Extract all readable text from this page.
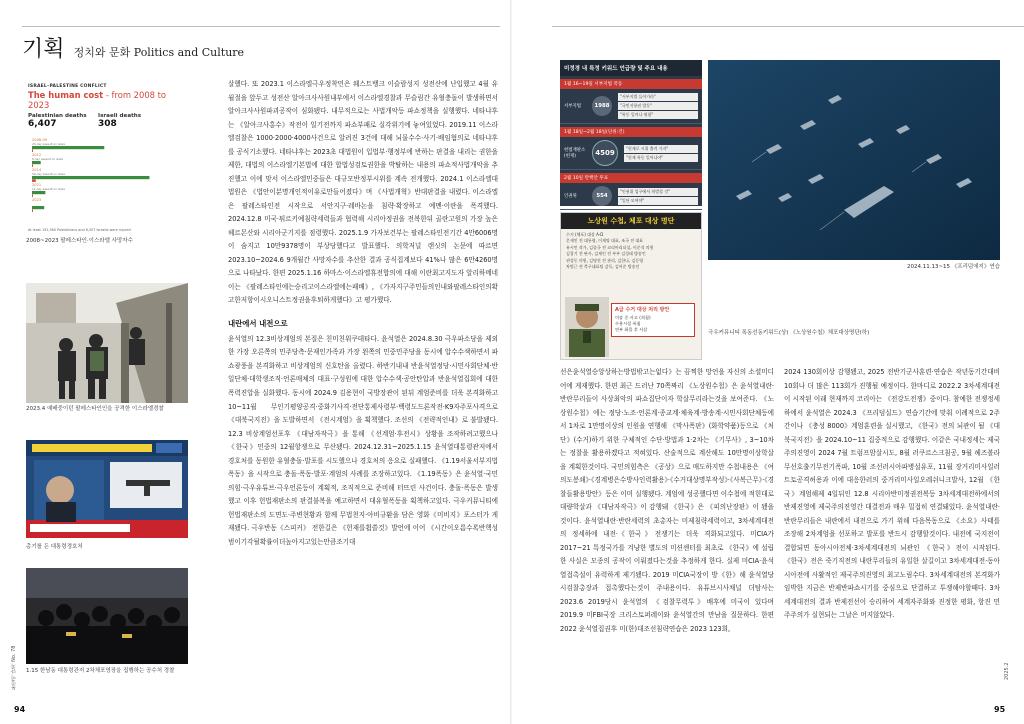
기획 정치와 문화 Politics and Culture
ISRAEL–PALESTINE CONFLICT
The human cost - from 2008 to 2023
Palestinian deaths
6,407
Israeli deaths
308
2008-09
23-day assault on Gaza
2012
8-day assault on Gaza
2014
50-day assault on Gaza
2021
11-day assault on Gaza
2023
At least 152,560 Palestinians and 6,307 Israelis were injured
2008~2023 팔레스타인·이스라엘 사망자수
2023.4 예배중이던 팔레스타인인을 공격한 이스라엘경찰
총기를 든 대통령경호처
1.15 한남동 대통령관저 2차체포영장을 집행하는 공수처 경찰

살했다. 또 2023.1 이스라엘극우정착민은 웨스트뱅크 이슬람성지 성전산에 난입했고 4월 유월절을 앞두고 성전산 알아크사사원내부에서 이스라엘경찰과 무슬림간 유혈충돌이 발생하면서 알아크사사원파괴공작이 심화됐다. 내무적으로는 사법개악등 파쇼정책을 실행했다. 네타냐후는 《알아크사홍수》작전이 일기전까지 파쇼부패로 실각위기에 놓여있었다. 2019.11 이스라엘검찰은 1000·2000·4000사건으로 알려진 3건에 대해 뇌물수수·사기·배임혐의로 네타냐후를 공식기소했다. 네타냐후는 2023초 대법원이 입법부·행정부에 반하는 판결을 내리는 권한을 제한, 대법의 이스라엘기본법에 대한 합법성검토권한을 박탈하는 내용의 파쇼적사법개악을 추진했고 이에 맞서 이스라엘민중들은 대규모반정부시위를 계속 전개했다. 2024.1 이스라엘대법원은 《법안이분명개인적이유로만들어졌다》며 《사법개혁》반대판결을 내렸다. 이스라엘은 팔레스타인전 시작으로 서안지구·레바논을 침략·확장하고 예멘·이란을 폭격했다. 2024.12.8 미국·튀르키예침략세력들과 협력해 시리아정권을 전복한뒤 골란고원의 가장 높은 헤르몬산와 시리아군기지를 점령했다. 2025.1.9 가자보건부는 팔레스타인전기간 4만6006명이 숨지고 10만9378명이 부상당했다고 발표했다. 의학저널 랜싯의 논문에 따르면 2023.10~2024.6 9개월간 사망자수를 추산한 결과 공식집계보다 41%나 많은 6만4260명으로 나타났다. 한편 2025.1.16 하마스·이스라엘휴전합의에 대해 이란최고지도자 알리하메네이는 《팔레스타인에는승리고이스라엘에는패배》, 《가자지구주민들의인내와팔레스타인의확고한저항이시오니스트정권을후퇴하게했다》고 평가했다.

내란에서 내전으로

윤석열의 12.3비상계엄의 본질은 친미친위쿠데타다. 윤석열은 2024.8.30 극우파소당을 제외한 가장 오른쪽의 민주당측·문재인가족과 가장 왼쪽의 민중민주당을 동시에 압수수색하면서 파쇼광풍을 본격화하고 비상계엄의 신호탄을 올렸다. 하반기내내 반윤석열정당·시민사회단체·반일단체·대학생조직·언론매체의 대표·구성원에 대한 압수수색·공안탄압과 반윤석열집회에 대한 폭력진압을 실화했다. 동시에 2024.9 김용현이 국방장관이 된뒤 계엄준비를 더욱 본격화하고 10~11월 무인기평양공격·중화기사격·전단통제사령부·백령도드론작전·K9자주포사격으로 《대북국지전》을 도발하면서 《전시계엄》을 획책했다. 조선의 《전략적인내》로 불발됐다. 12.3 비상계엄선포후 《대남자작극》을 통해 《선계엄·후전시》상황을 조작하려고했으나 《한국》민중의 12월항쟁으로 무산됐다. 2024.12.31~2025.1.15 윤석열대통령관저에서 경호처를 동원한 유혈충돌·발포를 시도했으나 경호처의 응요로 실패했다. 《1.19서울서부지법폭동》을 시작으로 충돌·폭동·발포·계엄의 사례를 조장하고있다. 《1.19폭동》은 윤석열·국민의힘·극우유튜브·극우언론등이 계획적, 조직적으로 준비해 터뜨린 사건이다. 충돌·폭동은 발생했고 이후 헌법재판소의 판결불복을 예고하면서 대유혈폭동을 획책하고있다. 극우커뮤니티에 헌법재판소의 도면도·주변현황과 함께 무법천지·아비규환을 담은 영화《미비지》포스터가 게재됐다. 극우반동《스피커》 전한길은 《헌재를휩쓸것》발언에 이어 《시간이오름수록반핵성범이기각될확률이더높아지고있는만큼조기대

통일이 단지 No. 78
94
미정경 내 특정 키워드 언급량 및 주요 내용
1월 16~19일 서부지법 폭동
서부지법	1988
"서부지법 들어가라"
"국민저항권 발동"
"폭동 일어나 뭐함"
1월 18일~2월 18일(단위:건)
헌법재판소 (헌재)	4509
"헌재로 시위 출격 가자"
"헌재 폭동 일어나야"
2월 10일 탄핵안 투표
인권위	554
"인권위 입구에서 처벌할 것"
"일단 모여야"
노상원 수첩, 체포 대상 명단
수거 (체포) 대상 A-D
문재인 전 대통령, 이재명 대표, 조국 전 대표
유시민 작가, 김종국 전 코리아리더십, 이준석 의원
김창기 전 판사, 김제인 전 부부 김성태 방송인
권성동 의원, 김명진 전 관리, 김한나, 김동영
차범근 전 축구대표팀 감독, 김어준 방송인
A급 수거 대상 처리 방안
이송 중 사고 (격침)
수용시설 폭침
연부 화물 후 사살
2024.11.13~15 《프리덤에지》연습
극우커뮤니티 폭동선동키워드(상) 《노상원수첩》체포대상명단(하)

선은윤석열승앙상하는방법밖고는없다》는 끔찍한 망언을 자신의 소셜미디어에 게재했다. 한편 최근 드러난 70쪽짜리 《노상원수첩》은 윤석열내란·반란무리들이 사상최악의 파쇼집단이자 학살무리라는것을 보여준다. 《노상원수첩》에는 정당·노조·언론계·종교계·체육계·방송계·시민사회단체등에서 1차로 1만명이상의 인원을 연행해 《막사폭판》(화학약품)등으로 《처단》(수거)하기 위한 구체적인 수단·방법과 1·2차는 《기무사》, 3~10차는 정찰을 활용하겠다고 적혀있다. 산술적으로 계산해도 10만명이상학살을 계획한것이다. 국민의힘측은 《공상》으로 매도하지만 수첩내용은 《여의도봉쇄》·《경계병은수방사인력활용》·《수거대상명부작성》·《사복근무》·《경찰들활용방안》등은 이미 실행됐다. 계엄에 성공했다면 이수첩에 적힌대로 대량학살과 《대남자작극》이 감행돼 《한국》은 《피의난장판》이 됐을것이다. 윤석열내란·반란세력의 초총자는 미제침략세력이고, 3차세계대전의 정세하에 내전·《한국》전쟁기는 더욱 격화되고있다. 미CIA가 2017~21 특정국가를 겨냥한 별도의 미션센터를 최초로 《한국》에 설립한 사실은 모종의 공작이 이뤄졌다는것을 추정하게 한다. 실제 미CIA·윤석열접촉설이 유력하게 제기됐다. 2019 미CIA국장이 방《한》해 윤석열당시검찰총장과 접촉했다는것이 주내용이다. 유튜브시사채널 더탐사는 2023.6 2019당시 윤석열의 《검찰무력투》배후에 미국이 있다며 2019.9 미FBI국장 크리스토퍼레이와 윤석열간의 만남을 질문하다. 한편 2022 윤석열집권후 미(한)대조선침략연습은 2023 123회,

2024 130회이상 감행됐고, 2025 전반기군사훈련·연습은 작년동기간대비 10회나 더 많은 113회가 진행될 예정이다. 한마디로 2022.2 3차세계대전이 시작된 이래 현재까지 코리아는 《전강도전쟁》중이다. 참예한 전쟁정세하에서 윤석열은 2024.3 《프리덤실드》연습기간에 맞춰 이례적으로 2주간이나 《충성 8000》계엄훈련을 실시했고, 《한국》전의 뇌관이 될 《대북국지전》을 2024.10~11 집중적으로 감행했다. 이같은 국내정세는 제국주의진영이 2024 7월 트럼프암살시도, 8월 러쿠르스크침공, 9월 헤즈볼라무선호출기무전기폭파, 10월 조선러시아파병설유포, 11월 장거리미사일러트토공격허용과 이에 대응한러의 중거리미사일오레쉬니크발사, 12월 《한국》계엄해제 4일뒤인 12.8 시리아반미정권전복등 3차세계대전하에서의 반제진영에 제국주의진영간 대결전과 매우 밀접히 연결돼있다. 윤석열내란·반란무리들은 내란에서 내전으로 가기 위해 다음목동으로 《소요》사태를 조장해 2차계엄을 선포하고 발포를 반드시 감행할것이다. 내전에 국지전이 결합되면 동아시아전체·3차세계대전의 뇌관인 《한국》전이 시작된다. 《한국》전은 죽기직전의 내란무리들의 유일한 살길이고 3차세계대전·동아시아전에 사활적인 제국주의진영의 최고노림수다. 3차세계대전의 본격화가 임박한 지금은 반제반파쇼시기를 중심으로 단결하고 투쟁해야할때다. 3차세계대전의 결과 반제전선이 승리하여 세계자주화와 진정한 평화, 항진 민주주의가 실현되는 그날은 머지않았다.

2025.2
95
